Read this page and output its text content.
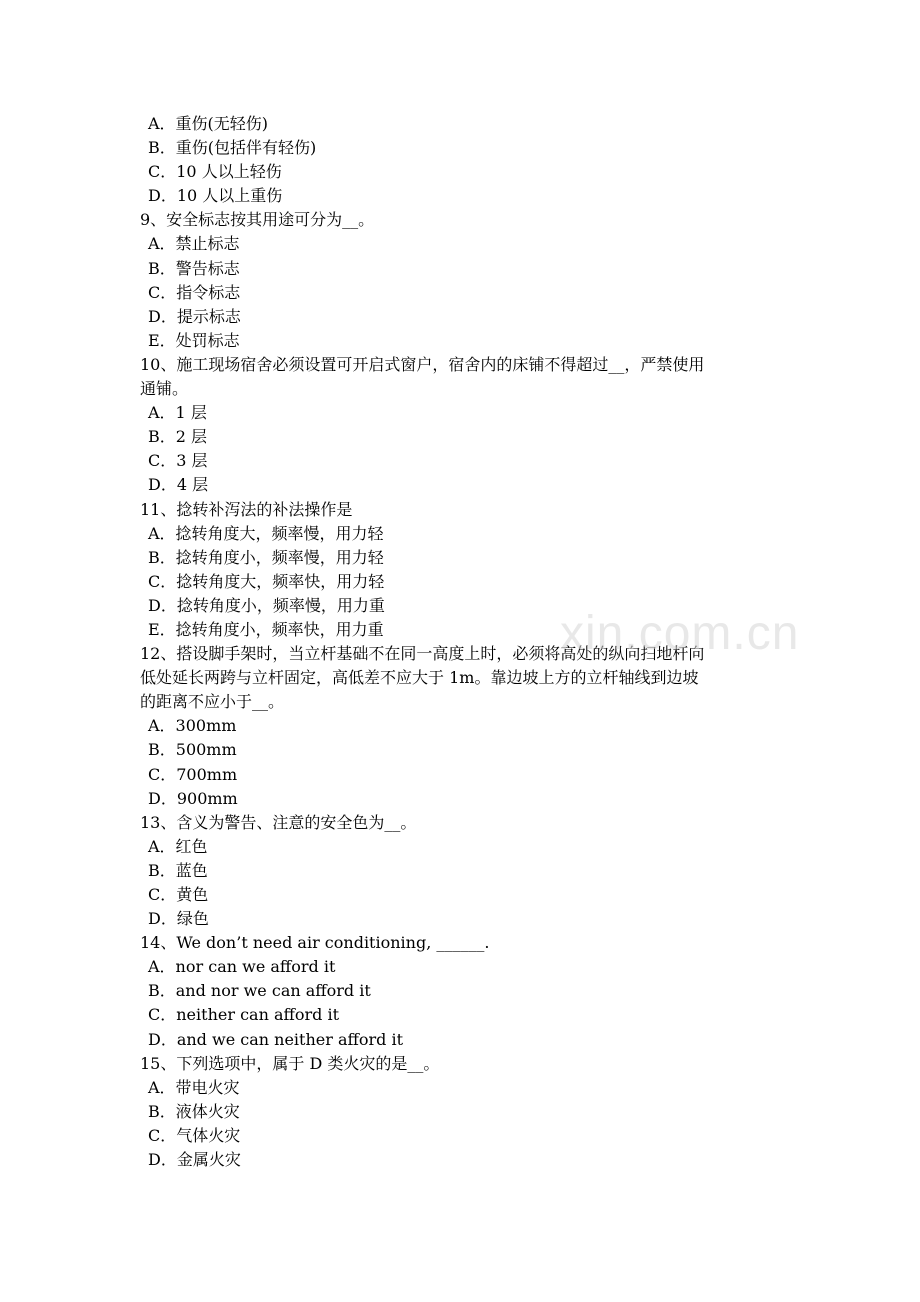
A．重伤(无轻伤)
B．重伤(包括伴有轻伤)
C．10 人以上轻伤
D．10 人以上重伤
9、安全标志按其用途可分为__。
A．禁止标志
B．警告标志
C．指令标志
D．提示标志
E．处罚标志
10、施工现场宿舍必须设置可开启式窗户，宿舍内的床铺不得超过__，严禁使用
通铺。
A．1 层
B．2 层
C．3 层
D．4 层
11、捻转补泻法的补法操作是
A．捻转角度大，频率慢，用力轻
B．捻转角度小，频率慢，用力轻
C．捻转角度大，频率快，用力轻
D．捻转角度小，频率慢，用力重
E．捻转角度小，频率快，用力重
12、搭设脚手架时，当立杆基础不在同一高度上时，必须将高处的纵向扫地杆向
低处延长两跨与立杆固定，高低差不应大于 1m。靠边坡上方的立杆轴线到边坡
的距离不应小于__。
A．300mm
B．500mm
C．700mm
D．900mm
13、含义为警告、注意的安全色为__。
A．红色
B．蓝色
C．黄色
D．绿色
14、We don’t need air conditioning, ______.
A．nor can we afford it
B．and nor we can afford it
C．neither can afford it
D．and we can neither afford it
15、下列选项中，属于 D 类火灾的是__。
A．带电火灾
B．液体火灾
C．气体火灾
D．金属火灾
xin.com.cn
